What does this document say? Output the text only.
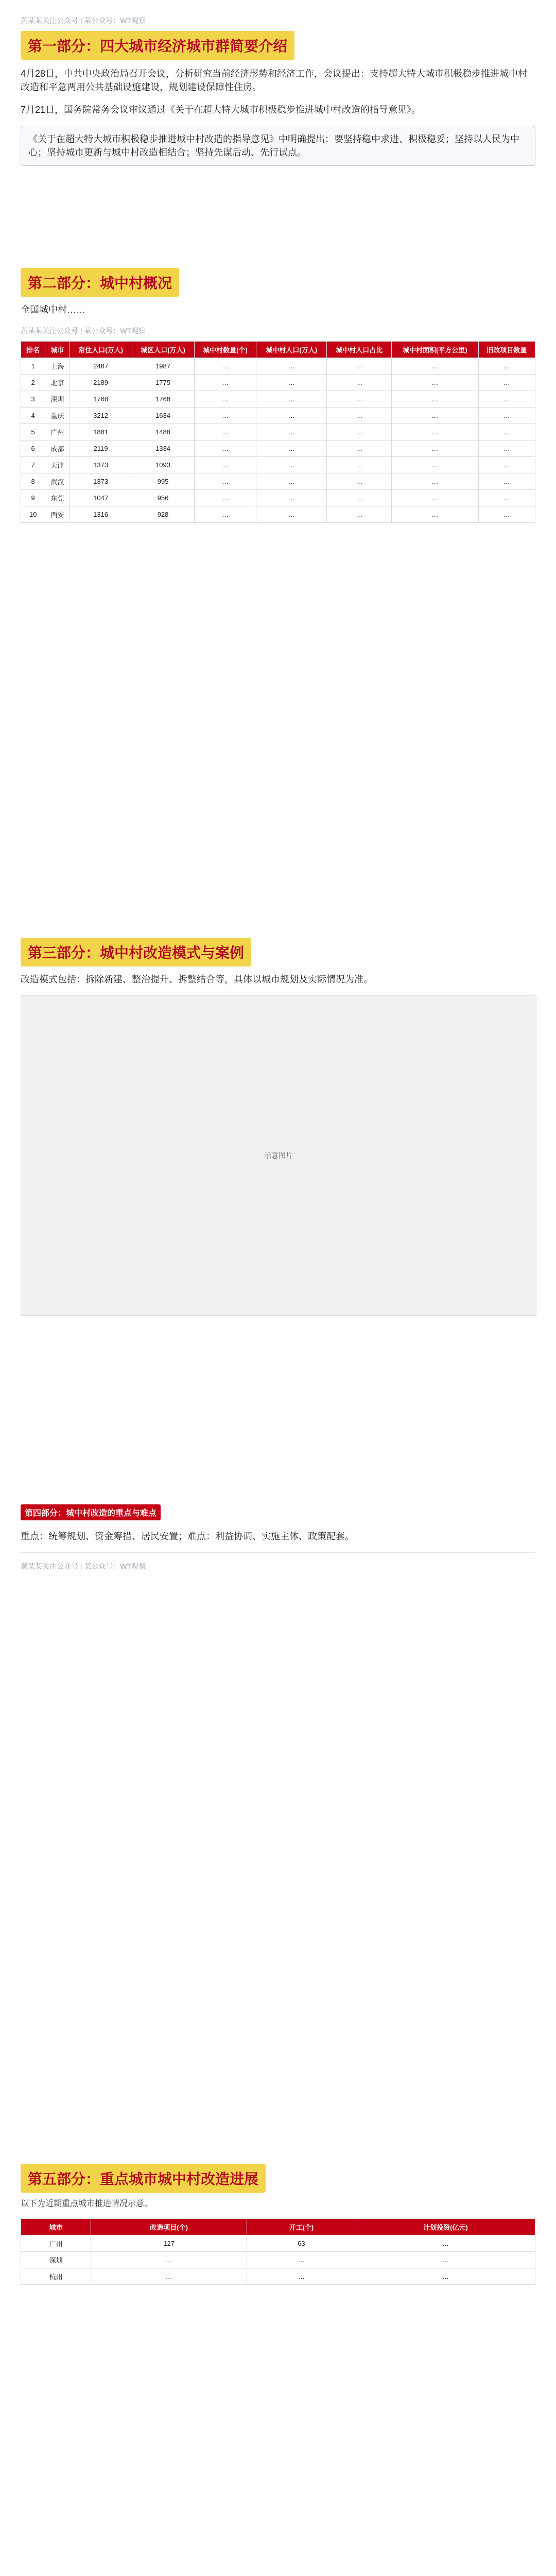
黄某某关注公众号 | 某公众号：WT观察
第一部分：四大城市经济城市群简要介绍

4月28日，中共中央政治局召开会议，分析研究当前经济形势和经济工作，会议提出：支持超大特大城市积极稳步推进城中村改造和平急两用公共基础设施建设，规划建设保障性住房。

7月21日，国务院常务会议审议通过《关于在超大特大城市积极稳步推进城中村改造的指导意见》。

《关于在超大特大城市积极稳步推进城中村改造的指导意见》中明确提出：要坚持稳中求进、积极稳妥；坚持以人民为中心；坚持城市更新与城中村改造相结合；坚持先谋后动、先行试点。
第二部分：城中村概况

全国城中村……

黄某某关注公众号 | 某公众号：WT观察
排名	城市	常住人口(万人)	城区人口(万人)	城中村数量(个)	城中村人口(万人)	城中村人口占比	城中村面积(平方公里)	旧改项目数量
1	上海	2487	1987	…	…	…	…	…
2	北京	2189	1775	…	…	…	…	…
3	深圳	1768	1768	…	…	…	…	…
4	重庆	3212	1634	…	…	…	…	…
5	广州	1881	1488	…	…	…	…	…
6	成都	2119	1334	…	…	…	…	…
7	天津	1373	1093	…	…	…	…	…
8	武汉	1373	995	…	…	…	…	…
9	东莞	1047	956	…	…	…	…	…
10	西安	1316	928	…	…	…	…	…
第三部分：城中村改造模式与案例

改造模式包括：拆除新建、整治提升、拆整结合等，具体以城市规划及实际情况为准。

示意图片
第四部分：城中村改造的重点与难点

重点：统筹规划、资金筹措、居民安置；难点：利益协调、实施主体、政策配套。

黄某某关注公众号 | 某公众号：WT观察
第五部分：重点城市城中村改造进展

以下为近期重点城市推进情况示意。

城市	改造项目(个)	开工(个)	计划投资(亿元)
广州	127	63	…
深圳	…	…	…
杭州	…	…	…
